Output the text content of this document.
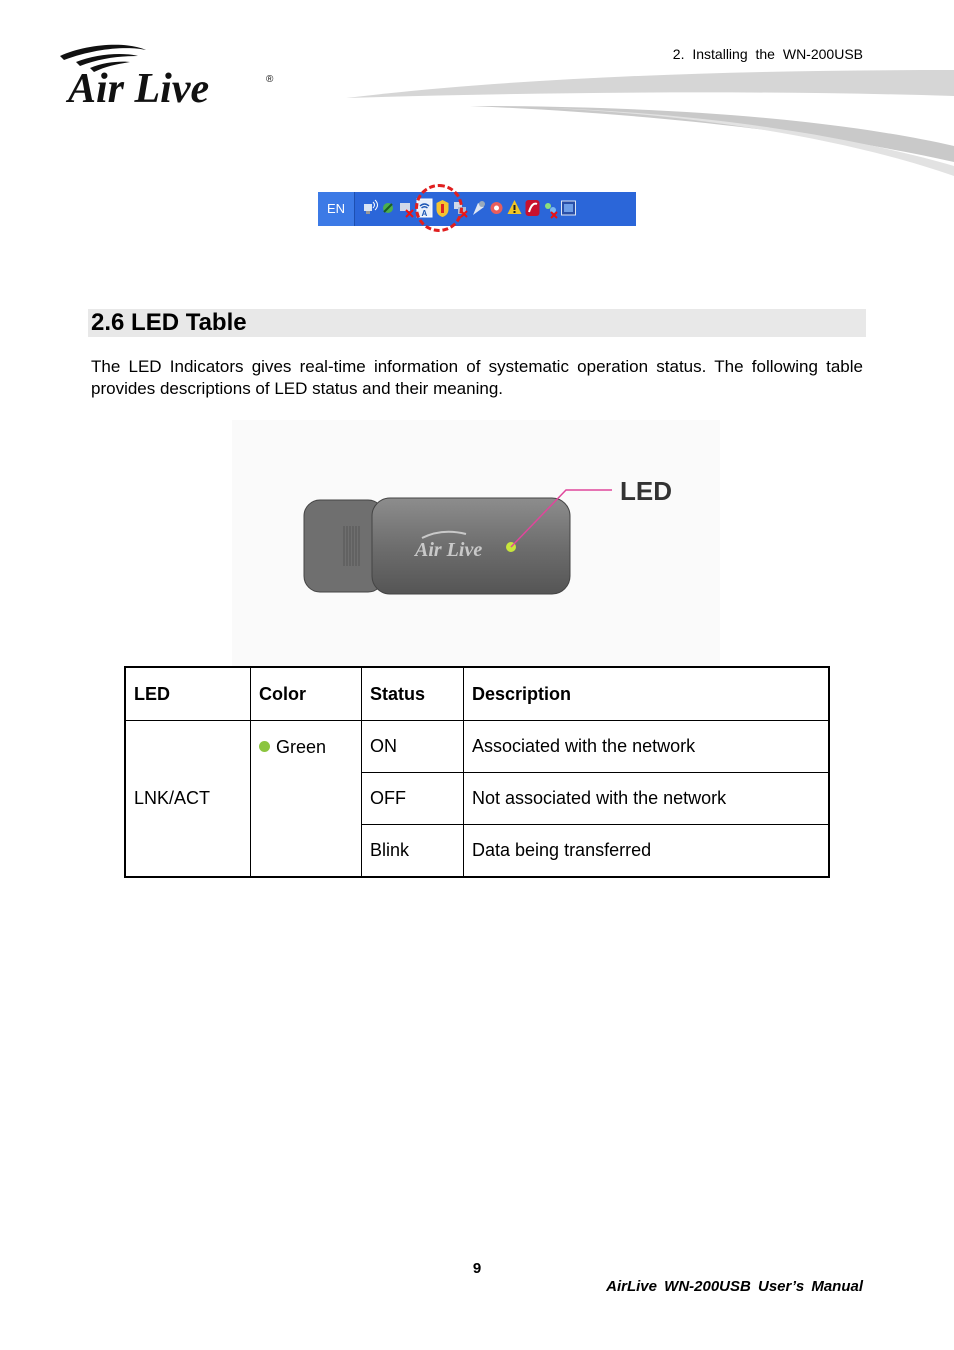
2. Installing the WN-200USB
Air Live	®
EN	A
2.6 LED Table
The LED Indicators gives real-time information of systematic operation status. The following table provides descriptions of LED status and their meaning.
Air Live
LED
LED	Color	Status	Description
LNK/ACT	Green	ON	Associated with the network
		OFF	Not associated with the network
		Blink	Data being transferred
9
AirLive WN-200USB User’s Manual
